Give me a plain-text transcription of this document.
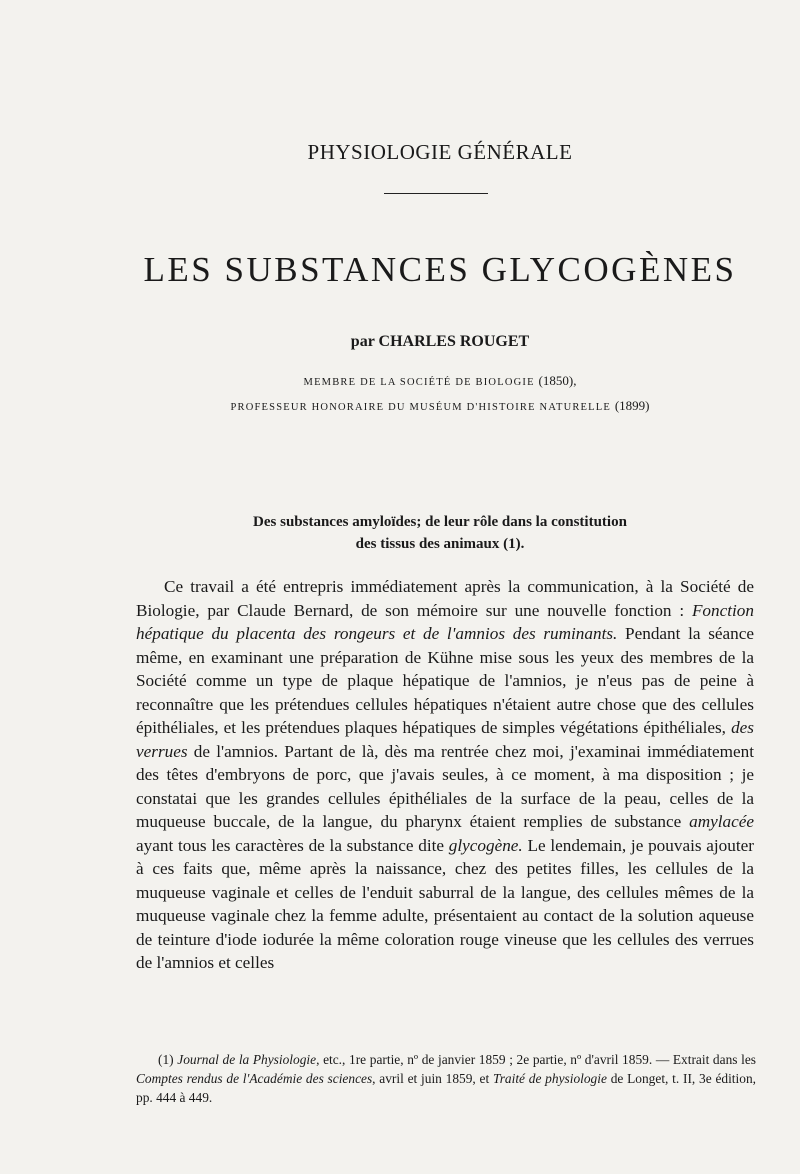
PHYSIOLOGIE GÉNÉRALE
LES SUBSTANCES GLYCOGÈNES
par CHARLES ROUGET
MEMBRE DE LA SOCIÉTÉ DE BIOLOGIE (1850),
PROFESSEUR HONORAIRE DU MUSÉUM D'HISTOIRE NATURELLE (1899)
Des substances amyloïdes; de leur rôle dans la constitution
des tissus des animaux (1).

Ce travail a été entrepris immédiatement après la communication, à la Société de Biologie, par Claude Bernard, de son mémoire sur une nouvelle fonction : Fonction hépatique du placenta des rongeurs et de l'amnios des ruminants. Pendant la séance même, en examinant une préparation de Kühne mise sous les yeux des membres de la Société comme un type de plaque hépatique de l'amnios, je n'eus pas de peine à reconnaître que les prétendues cellules hépatiques n'étaient autre chose que des cellules épithéliales, et les prétendues plaques hépatiques de simples végétations épithéliales, des verrues de l'amnios. Partant de là, dès ma rentrée chez moi, j'examinai immédiatement des têtes d'embryons de porc, que j'avais seules, à ce moment, à ma disposition ; je constatai que les grandes cellules épithéliales de la surface de la peau, celles de la muqueuse buccale, de la langue, du pharynx étaient remplies de substance amylacée ayant tous les caractères de la substance dite glycogène. Le lendemain, je pouvais ajouter à ces faits que, même après la naissance, chez des petites filles, les cellules de la muqueuse vaginale et celles de l'enduit saburral de la langue, des cellules mêmes de la muqueuse vaginale chez la femme adulte, présentaient au contact de la solution aqueuse de teinture d'iode iodurée la même coloration rouge vineuse que les cellules des verrues de l'amnios et celles

(1) Journal de la Physiologie, etc., 1re partie, nº de janvier 1859 ; 2e partie, nº d'avril 1859. — Extrait dans les Comptes rendus de l'Académie des sciences, avril et juin 1859, et Traité de physiologie de Longet, t. II, 3e édition, pp. 444 à 449.
